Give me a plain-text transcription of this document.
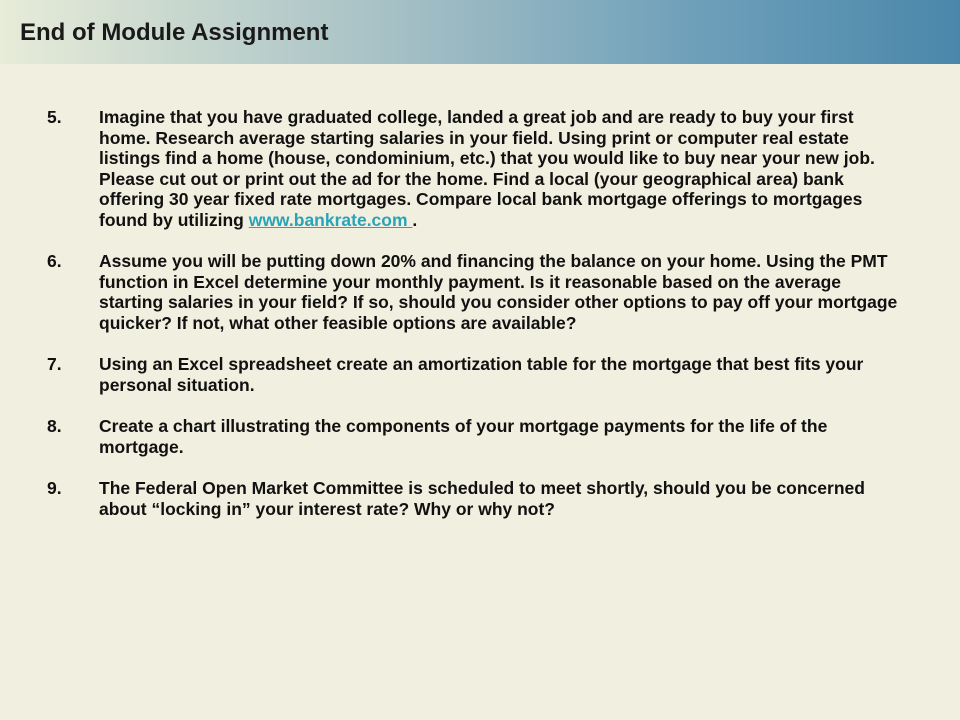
End of Module Assignment
5.	Imagine that you have graduated college, landed a great job and are ready to buy your first home. Research average starting salaries in your field. Using print or computer real estate listings find a home (house, condominium, etc.) that you would like to buy near your new job. Please cut out or print out the ad for the home. Find a local (your geographical area) bank offering 30 year fixed rate mortgages. Compare local bank mortgage offerings to mortgages found by utilizing www.bankrate.com .
6.	Assume you will be putting down 20% and financing the balance on your home. Using the PMT function in Excel determine your monthly payment. Is it reasonable based on the average starting salaries in your field? If so, should you consider other options to pay off your mortgage quicker? If not, what other feasible options are available?
7.	Using an Excel spreadsheet create an amortization table for the mortgage that best fits your personal situation.
8.	Create a chart illustrating the components of your mortgage payments for the life of the mortgage.
9.	The Federal Open Market Committee is scheduled to meet shortly, should you be concerned about “locking in” your interest rate? Why or why not?
